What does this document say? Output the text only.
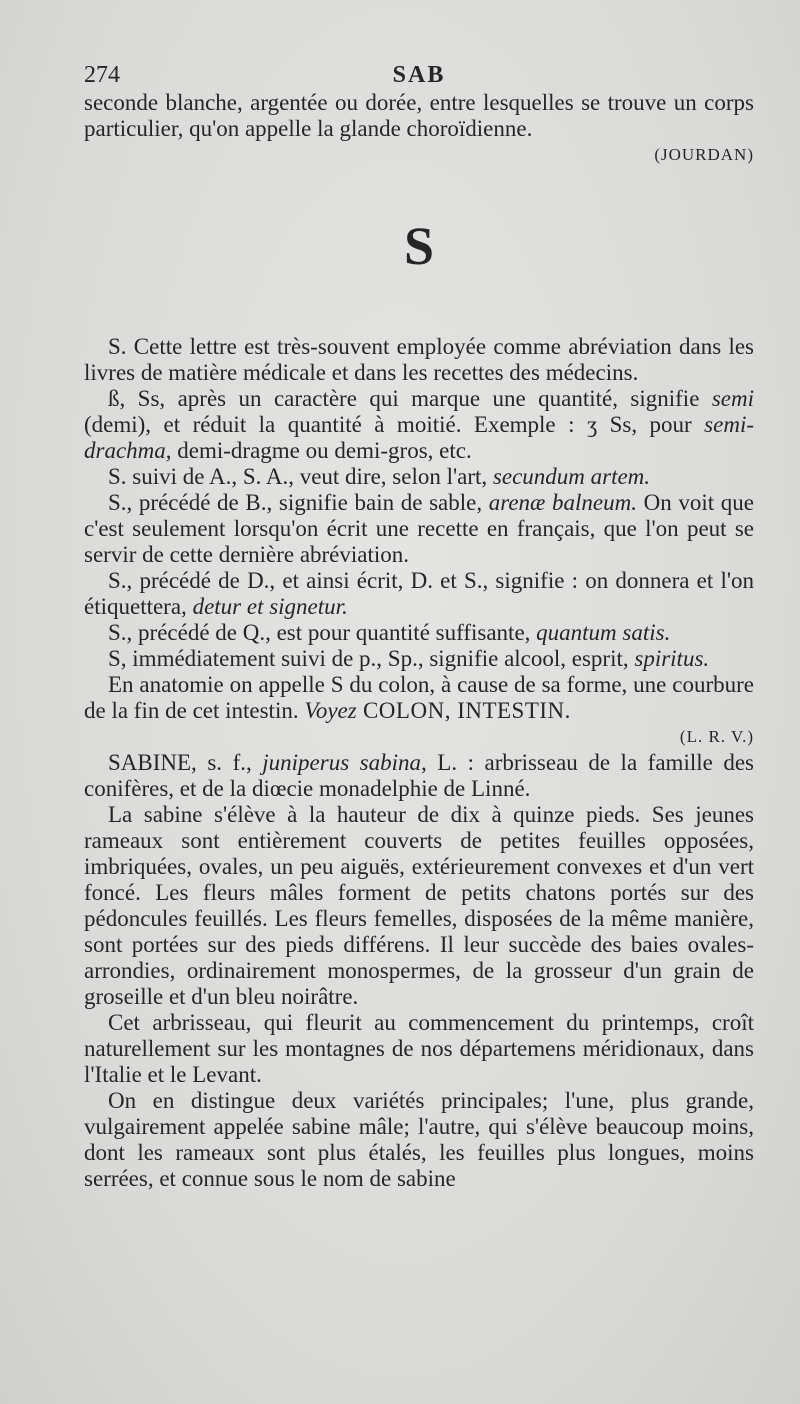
274	SAB

seconde blanche, argentée ou dorée, entre lesquelles se trouve un corps particulier, qu'on appelle la glande choroïdienne.

(JOURDAN)

S

S. Cette lettre est très-souvent employée comme abréviation dans les livres de matière médicale et dans les recettes des médecins.

ß, Ss, après un caractère qui marque une quantité, signifie semi (demi), et réduit la quantité à moitié. Exemple : ʒ Ss, pour semi-drachma, demi-dragme ou demi-gros, etc.

S. suivi de A., S. A., veut dire, selon l'art, secundum artem.

S., précédé de B., signifie bain de sable, arenæ balneum. On voit que c'est seulement lorsqu'on écrit une recette en français, que l'on peut se servir de cette dernière abréviation.

S., précédé de D., et ainsi écrit, D. et S., signifie : on donnera et l'on étiquettera, detur et signetur.

S., précédé de Q., est pour quantité suffisante, quantum satis.

S, immédiatement suivi de p., Sp., signifie alcool, esprit, spiritus.

En anatomie on appelle S du colon, à cause de sa forme, une courbure de la fin de cet intestin. Voyez COLON, INTESTIN.

(L. R. V.)

SABINE, s. f., juniperus sabina, L. : arbrisseau de la famille des conifères, et de la diœcie monadelphie de Linné.

La sabine s'élève à la hauteur de dix à quinze pieds. Ses jeunes rameaux sont entièrement couverts de petites feuilles opposées, imbriquées, ovales, un peu aiguës, extérieurement convexes et d'un vert foncé. Les fleurs mâles forment de petits chatons portés sur des pédoncules feuillés. Les fleurs femelles, disposées de la même manière, sont portées sur des pieds différens. Il leur succède des baies ovales-arrondies, ordinairement monospermes, de la grosseur d'un grain de groseille et d'un bleu noirâtre.

Cet arbrisseau, qui fleurit au commencement du printemps, croît naturellement sur les montagnes de nos départemens méridionaux, dans l'Italie et le Levant.

On en distingue deux variétés principales; l'une, plus grande, vulgairement appelée sabine mâle; l'autre, qui s'élève beaucoup moins, dont les rameaux sont plus étalés, les feuilles plus longues, moins serrées, et connue sous le nom de sabine
